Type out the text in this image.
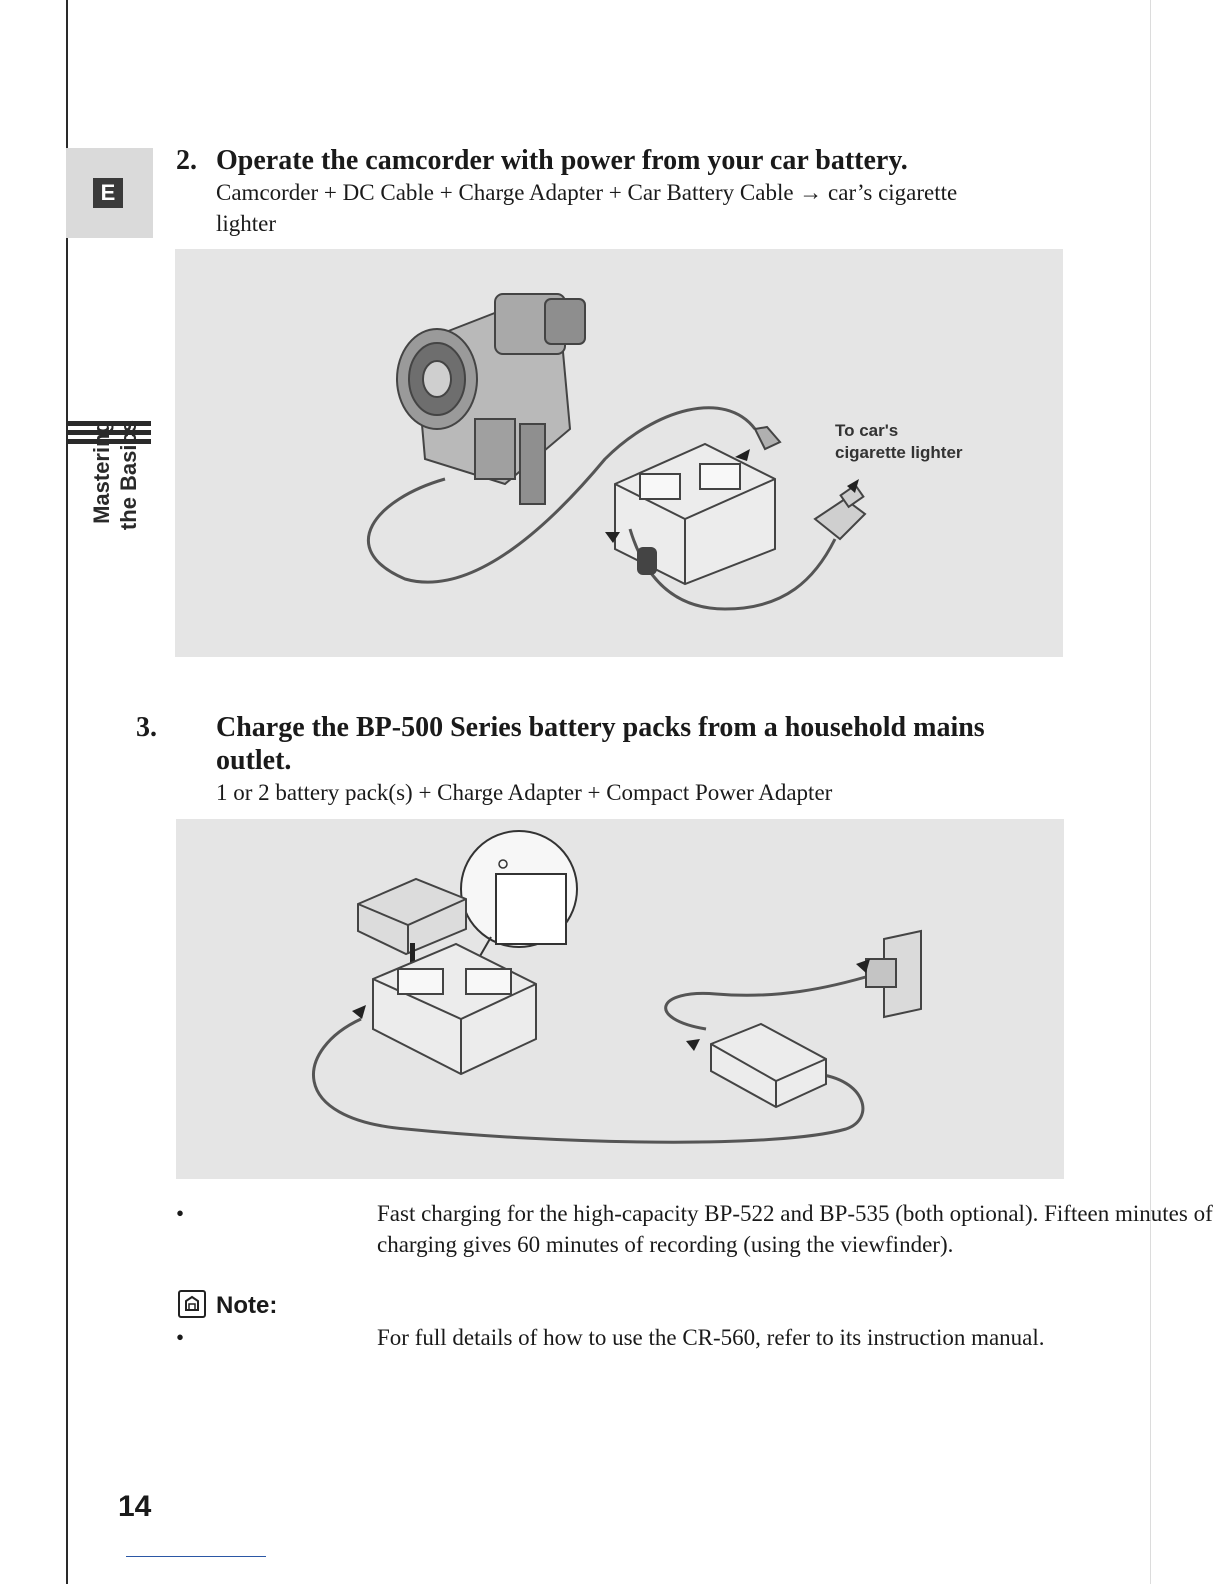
E
Mastering the Basics
2. Operate the camcorder with power from your car battery.
Camcorder + DC Cable + Charge Adapter + Car Battery Cable → car’s cigarette lighter
To car's
cigarette lighter
3. Charge the BP-500 Series battery packs from a household mains outlet.
1 or 2 battery pack(s) + Charge Adapter + Compact Power Adapter
•	Fast charging for the high-capacity BP-522 and BP-535 (both optional). Fifteen minutes of charging gives 60 minutes of recording (using the viewfinder).
Note:
•	For full details of how to use the CR-560, refer to its instruction manual.
14
